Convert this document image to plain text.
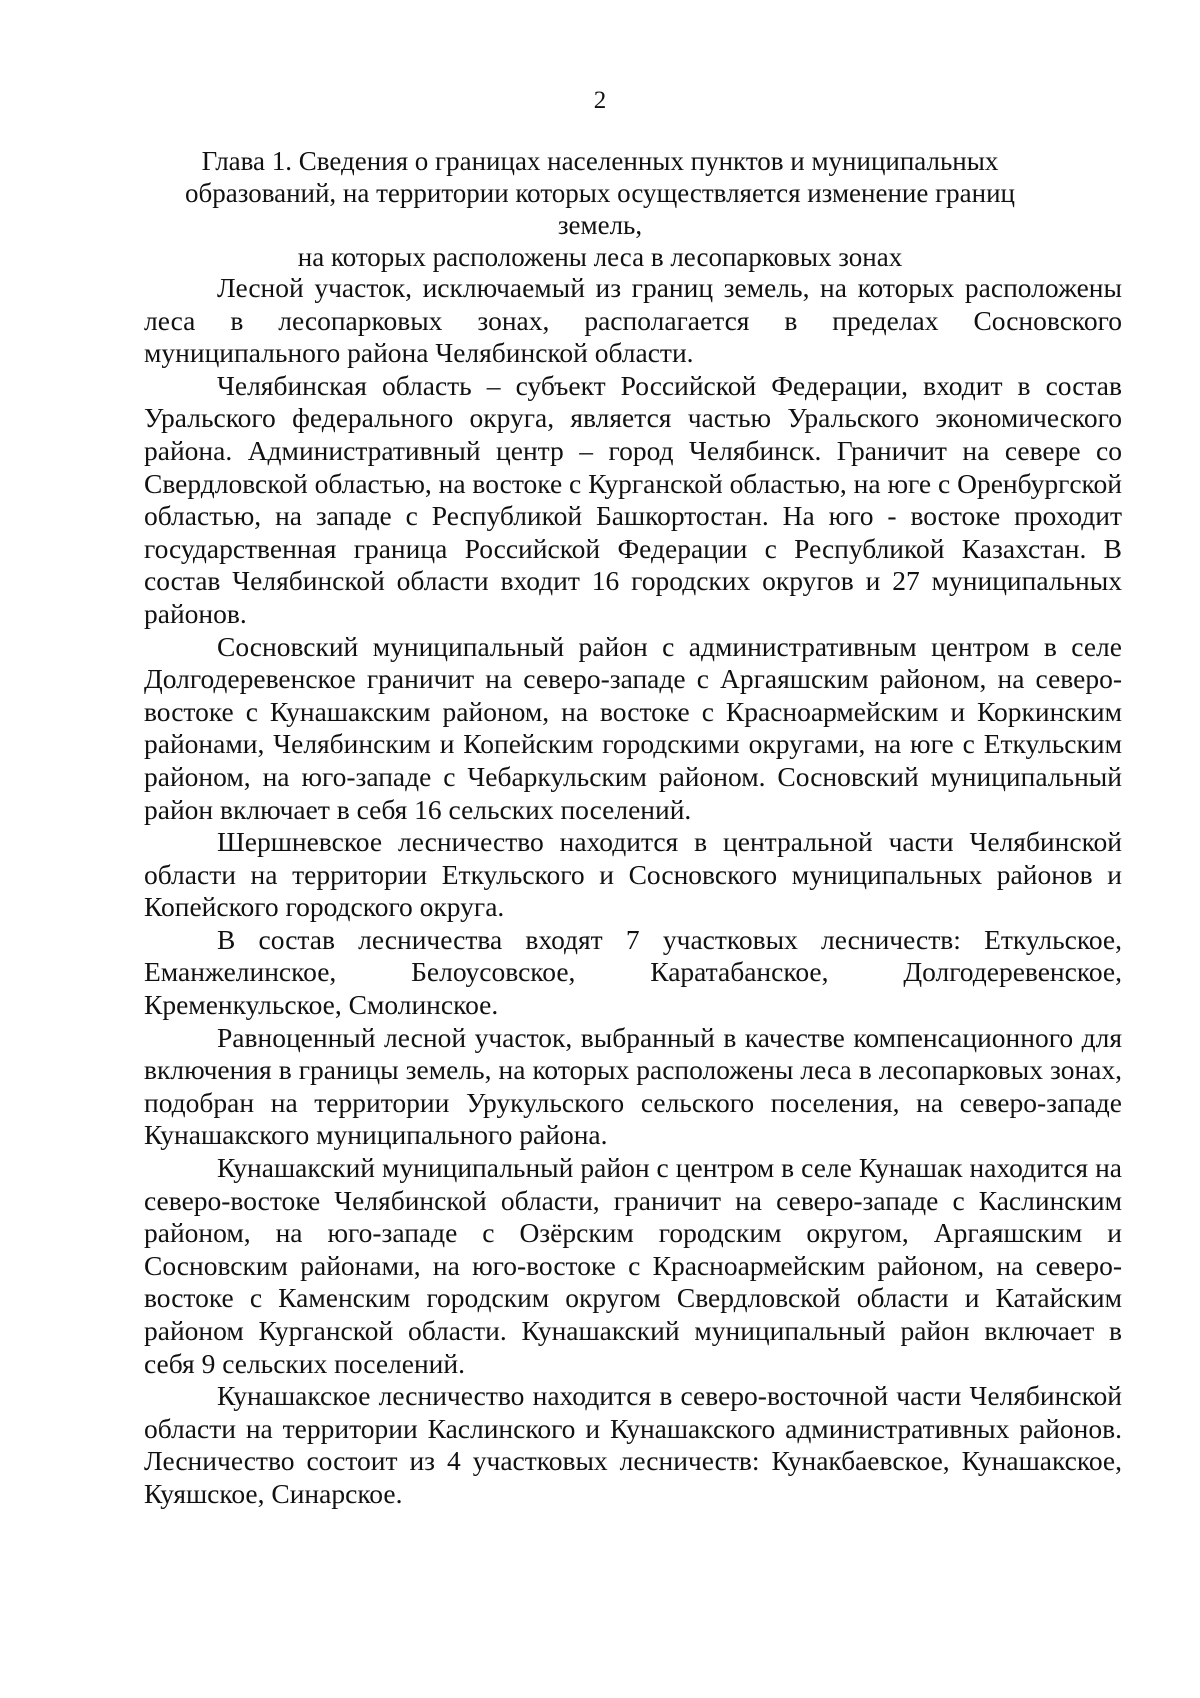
2
Глава 1. Сведения о границах населенных пунктов и муниципальных
образований, на территории которых осуществляется изменение границ земель,
на которых расположены леса в лесопарковых зонах

Лесной участок, исключаемый из границ земель, на которых расположены леса в лесопарковых зонах, располагается в пределах Сосновского муниципального района Челябинской области.

Челябинская область – субъект Российской Федерации, входит в состав Уральского федерального округа, является частью Уральского экономического района. Административный центр – город Челябинск. Граничит на севере со Свердловской областью, на востоке с Курганской областью, на юге с Оренбургской областью, на западе с Республикой Башкортостан. На юго - востоке проходит государственная граница Российской Федерации с Республикой Казахстан. В состав Челябинской области входит 16 городских округов и 27 муниципальных районов.

Сосновский муниципальный район с административным центром в селе Долгодеревенское граничит на северо-западе с Аргаяшским районом, на северо-востоке с Кунашакским районом, на востоке с Красноармейским и Коркинским районами, Челябинским и Копейским городскими округами, на юге с Еткульским районом, на юго-западе с Чебаркульским районом. Сосновский муниципальный район включает в себя 16 сельских поселений.

Шершневское лесничество находится в центральной части Челябинской области на территории Еткульского и Сосновского муниципальных районов и Копейского городского округа.

В состав лесничества входят 7 участковых лесничеств: Еткульское, Еманжелинское, Белоусовское, Каратабанское, Долгодеревенское, Кременкульское, Смолинское.

Равноценный лесной участок, выбранный в качестве компенсационного для включения в границы земель, на которых расположены леса в лесопарковых зонах, подобран на территории Урукульского сельского поселения, на северо-западе Кунашакского муниципального района.

Кунашакский муниципальный район с центром в селе Кунашак находится на северо-востоке Челябинской области, граничит на северо-западе с Каслинским районом, на юго-западе с Озёрским городским округом, Аргаяшским и Сосновским районами, на юго-востоке с Красноармейским районом, на северо-востоке с Каменским городским округом Свердловской области и Катайским районом Курганской области. Кунашакский муниципальный район включает в себя 9 сельских поселений.

Кунашакское лесничество находится в северо-восточной части Челябинской области на территории Каслинского и Кунашакского административных районов. Лесничество состоит из 4 участковых лесничеств: Кунакбаевское, Кунашакское, Куяшское, Синарское.
